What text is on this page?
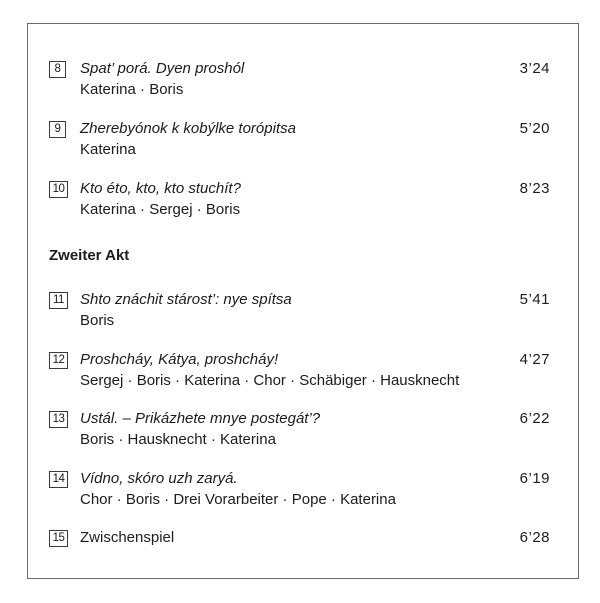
8	Spat’ porá. Dyen proshól
Katerina · Boris
3’24
9	Zherebyónok k kobýlke torópitsa
Katerina
5’20
10 Kto éto, kto, kto stuchít?
Katerina · Sergej · Boris
8’23
Zweiter Akt
11 Shto znáchit stárost’: nye spítsa
Boris
5’41
12 Proshcháy, Kátya, proshcháy!
Sergej · Boris · Katerina · Chor · Schäbiger · Hausknecht
4’27
13 Ustál. – Prikázhete mnye postegát’?
Boris · Hausknecht · Katerina
6’22
14 Vídno, skóro uzh zaryá.
Chor · Boris · Drei Vorarbeiter · Pope · Katerina
6’19
15 Zwischenspiel	6’28
